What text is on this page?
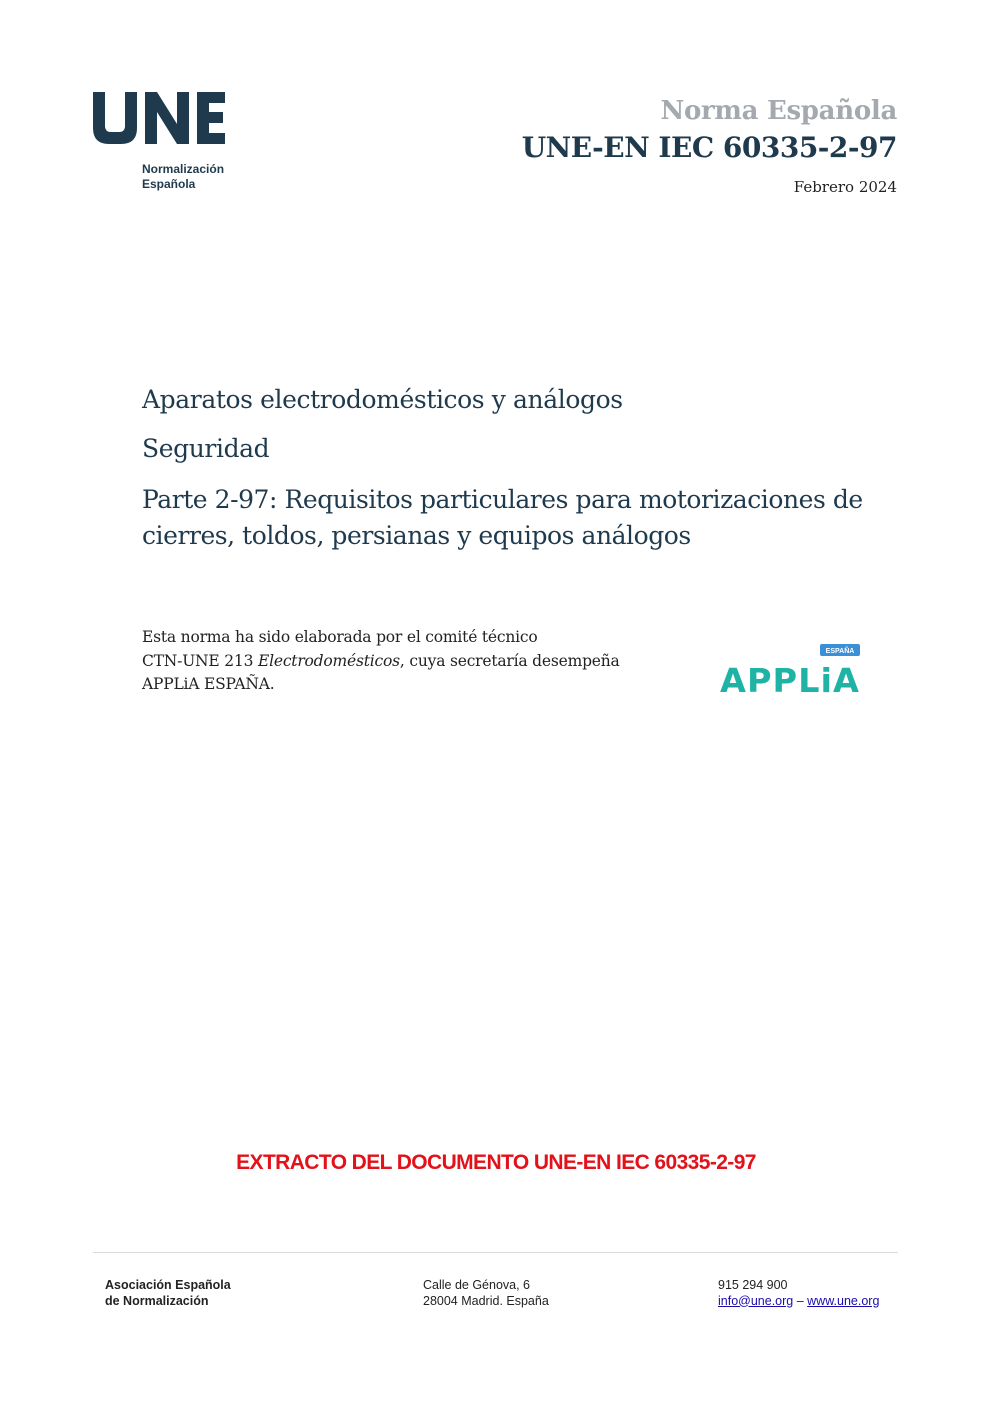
Normalización
Española
Norma Española
UNE-EN IEC 60335-2-97
Febrero 2024
Aparatos electrodomésticos y análogos
Seguridad
Parte 2-97: Requisitos particulares para motorizaciones de cierres, toldos, persianas y equipos análogos
Esta norma ha sido elaborada por el comité técnico
CTN-UNE 213 Electrodomésticos, cuya secretaría desempeña
APPLiA ESPAÑA.
ESPAÑA
APPLiA
EXTRACTO DEL DOCUMENTO UNE-EN IEC 60335-2-97
Asociación Española
de Normalización
Calle de Génova, 6
28004 Madrid. España
915 294 900
info@une.org – www.une.org
